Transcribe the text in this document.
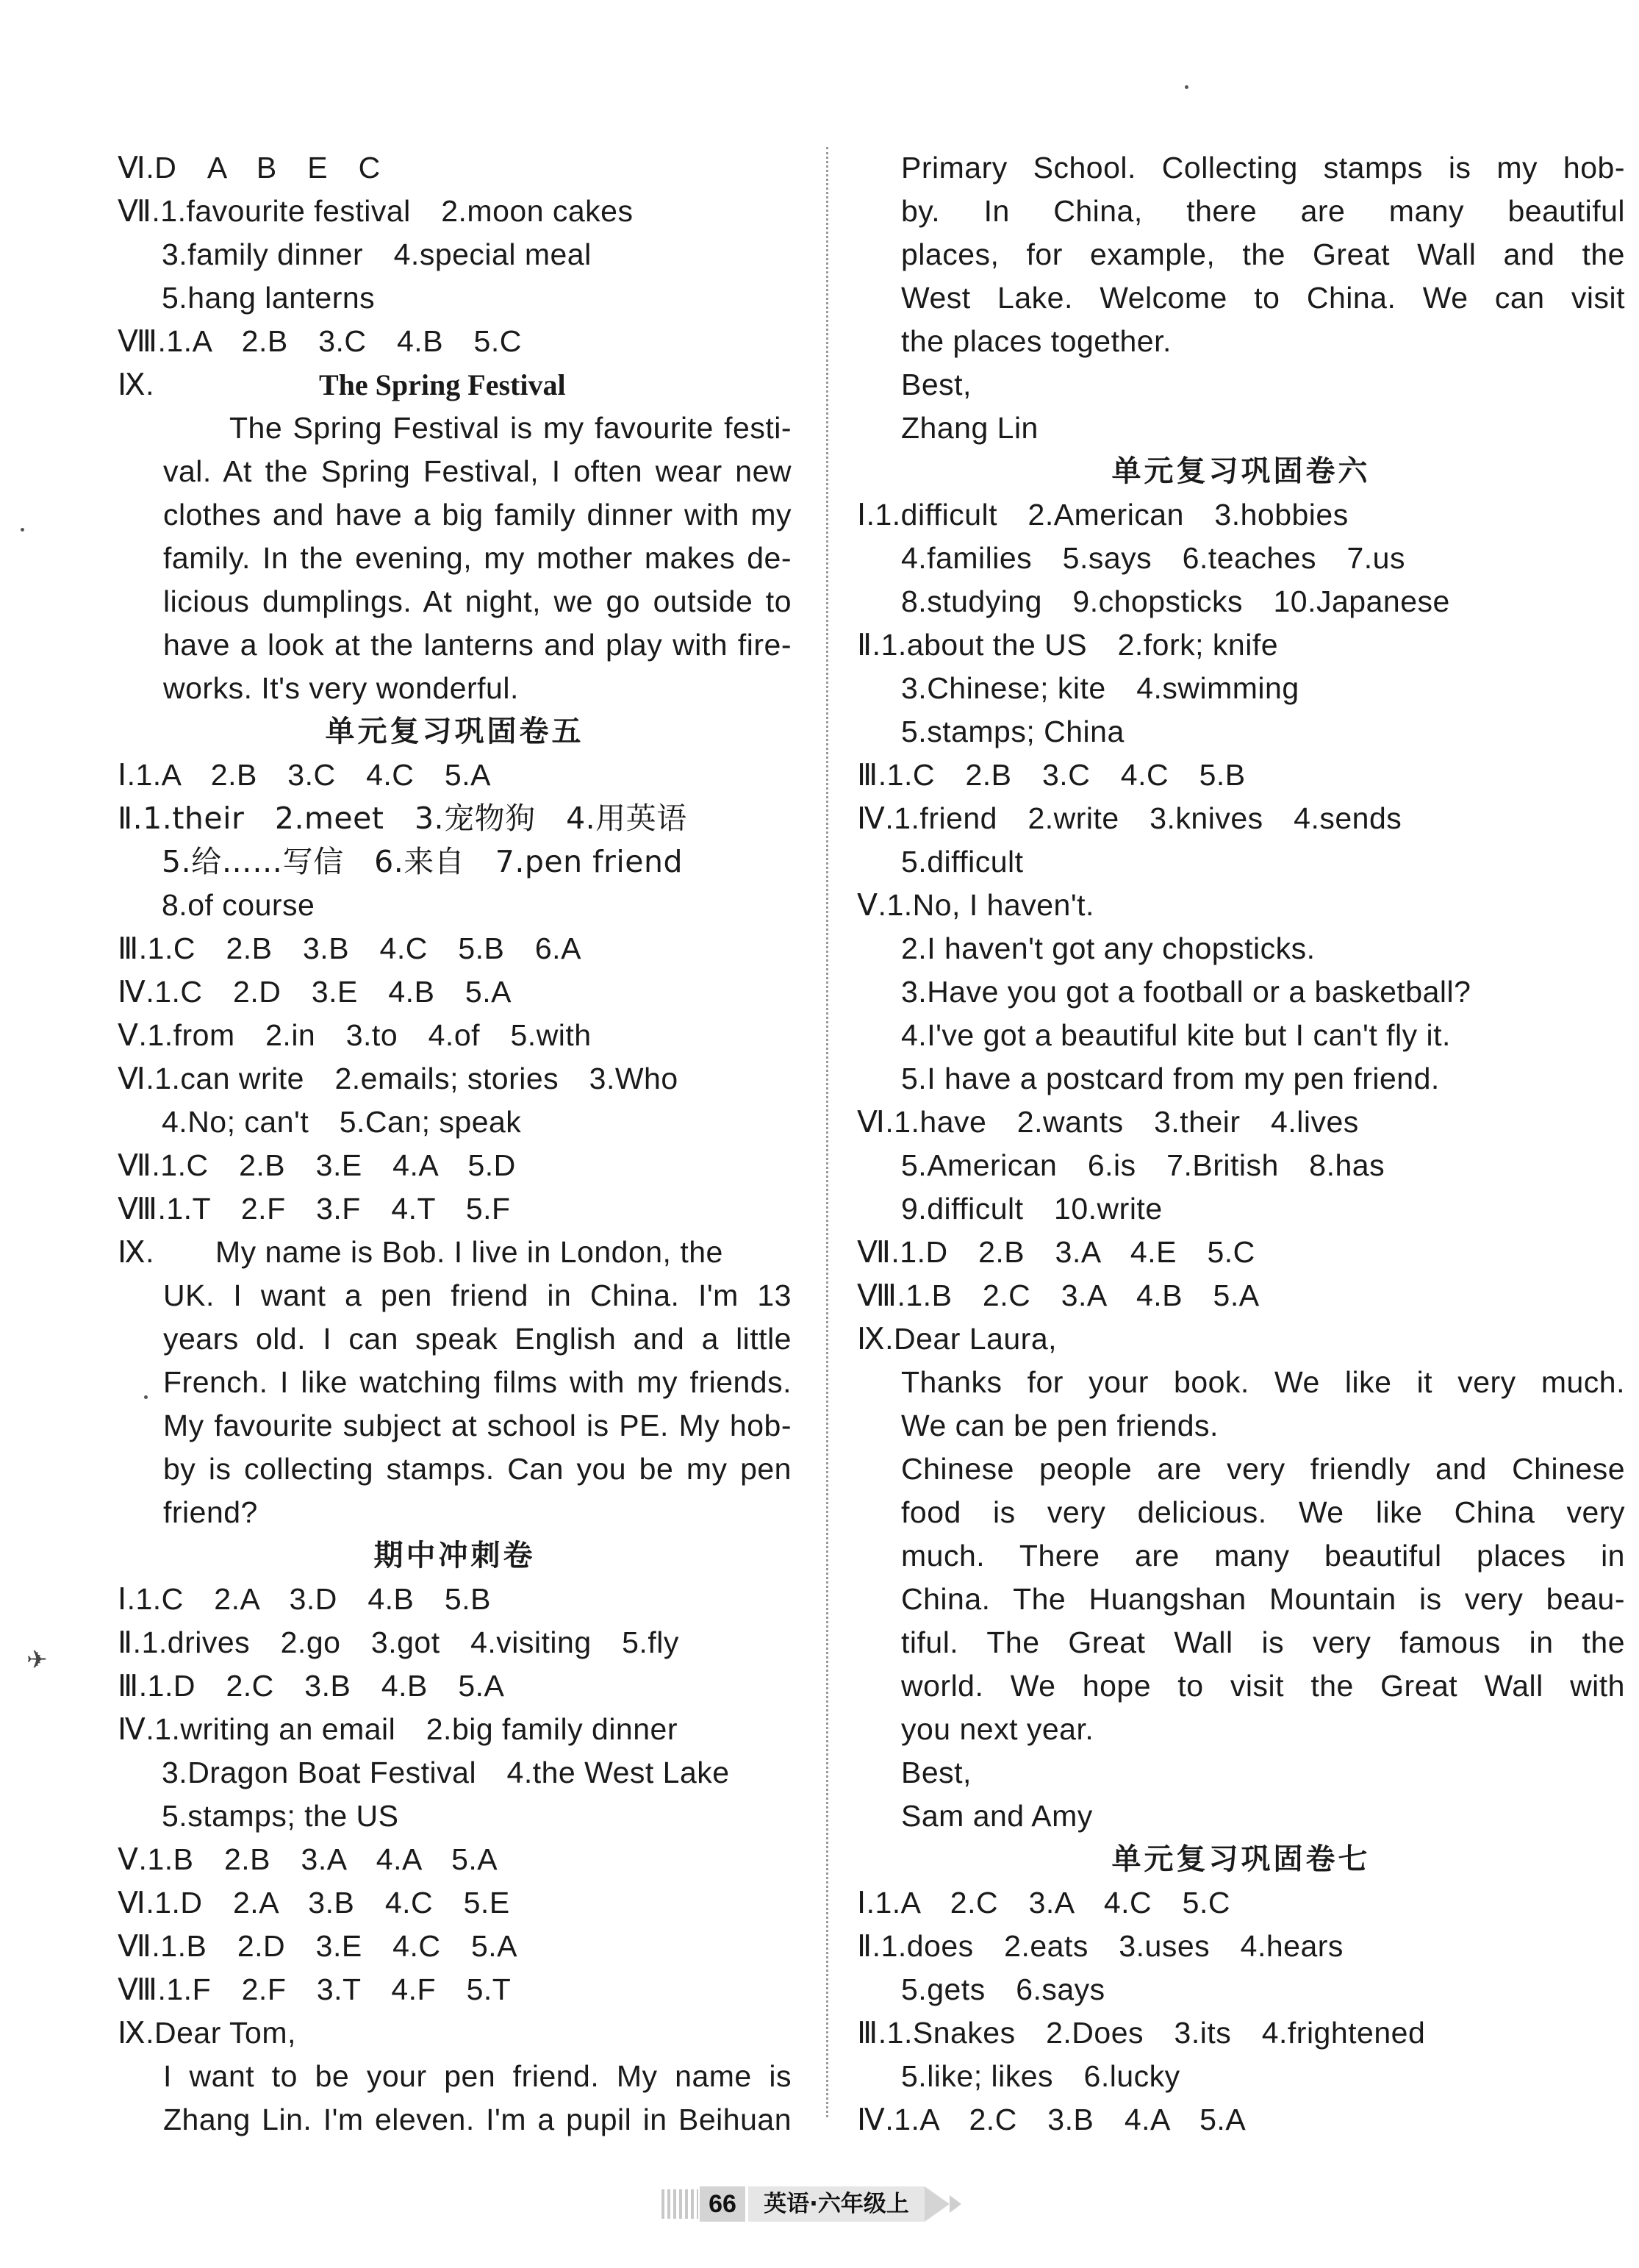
Ⅵ.D　A　B　E　C
Ⅶ.1.favourite festival　2.moon cakes
3.family dinner　4.special meal
5.hang lanterns
Ⅷ.1.A　2.B　3.C　4.B　5.C
Ⅸ.	The Spring Festival
The Spring Festival is my favourite festi-
val. At the Spring Festival, I often wear new
clothes and have a big family dinner with my
family. In the evening, my mother makes de-
licious dumplings. At night, we go outside to
have a look at the lanterns and play with fire-
works. It's very wonderful.
单元复习巩固卷五
Ⅰ.1.A　2.B　3.C　4.C　5.A
Ⅱ.1.their　2.meet　3.宠物狗　4.用英语
5.给……写信　6.来自　7.pen friend
8.of course
Ⅲ.1.C　2.B　3.B　4.C　5.B　6.A
Ⅳ.1.C　2.D　3.E　4.B　5.A
Ⅴ.1.from　2.in　3.to　4.of　5.with
Ⅵ.1.can write　2.emails; stories　3.Who
4.No; can't　5.Can; speak
Ⅶ.1.C　2.B　3.E　4.A　5.D
Ⅷ.1.T　2.F　3.F　4.T　5.F
Ⅸ.　　My name is Bob. I live in London, the
UK. I want a pen friend in China. I'm 13
years old. I can speak English and a little
French. I like watching films with my friends.
My favourite subject at school is PE. My hob-
by is collecting stamps. Can you be my pen
friend?
期中冲刺卷
Ⅰ.1.C　2.A　3.D　4.B　5.B
Ⅱ.1.drives　2.go　3.got　4.visiting　5.fly
Ⅲ.1.D　2.C　3.B　4.B　5.A
Ⅳ.1.writing an email　2.big family dinner
3.Dragon Boat Festival　4.the West Lake
5.stamps; the US
Ⅴ.1.B　2.B　3.A　4.A　5.A
Ⅵ.1.D　2.A　3.B　4.C　5.E
Ⅶ.1.B　2.D　3.E　4.C　5.A
Ⅷ.1.F　2.F　3.T　4.F　5.T
Ⅸ.Dear Tom,
I want to be your pen friend. My name is
Zhang Lin. I'm eleven. I'm a pupil in Beihuan
Primary School. Collecting stamps is my hob-
by. In China, there are many beautiful
places, for example, the Great Wall and the
West Lake. Welcome to China. We can visit
the places together.
Best,
Zhang Lin
单元复习巩固卷六
Ⅰ.1.difficult　2.American　3.hobbies
4.families　5.says　6.teaches　7.us
8.studying　9.chopsticks　10.Japanese
Ⅱ.1.about the US　2.fork; knife
3.Chinese; kite　4.swimming
5.stamps; China
Ⅲ.1.C　2.B　3.C　4.C　5.B
Ⅳ.1.friend　2.write　3.knives　4.sends
5.difficult
Ⅴ.1.No, I haven't.
2.I haven't got any chopsticks.
3.Have you got a football or a basketball?
4.I've got a beautiful kite but I can't fly it.
5.I have a postcard from my pen friend.
Ⅵ.1.have　2.wants　3.their　4.lives
5.American　6.is　7.British　8.has
9.difficult　10.write
Ⅶ.1.D　2.B　3.A　4.E　5.C
Ⅷ.1.B　2.C　3.A　4.B　5.A
Ⅸ.Dear Laura,
Thanks for your book. We like it very much.
We can be pen friends.
Chinese people are very friendly and Chinese
food is very delicious. We like China very
much. There are many beautiful places in
China. The Huangshan Mountain is very beau-
tiful. The Great Wall is very famous in the
world. We hope to visit the Great Wall with
you next year.
Best,
Sam and Amy
单元复习巩固卷七
Ⅰ.1.A　2.C　3.A　4.C　5.C
Ⅱ.1.does　2.eats　3.uses　4.hears
5.gets　6.says
Ⅲ.1.Snakes　2.Does　3.its　4.frightened
5.like; likes　6.lucky
Ⅳ.1.A　2.C　3.B　4.A　5.A
✈
66	英语·六年级上
